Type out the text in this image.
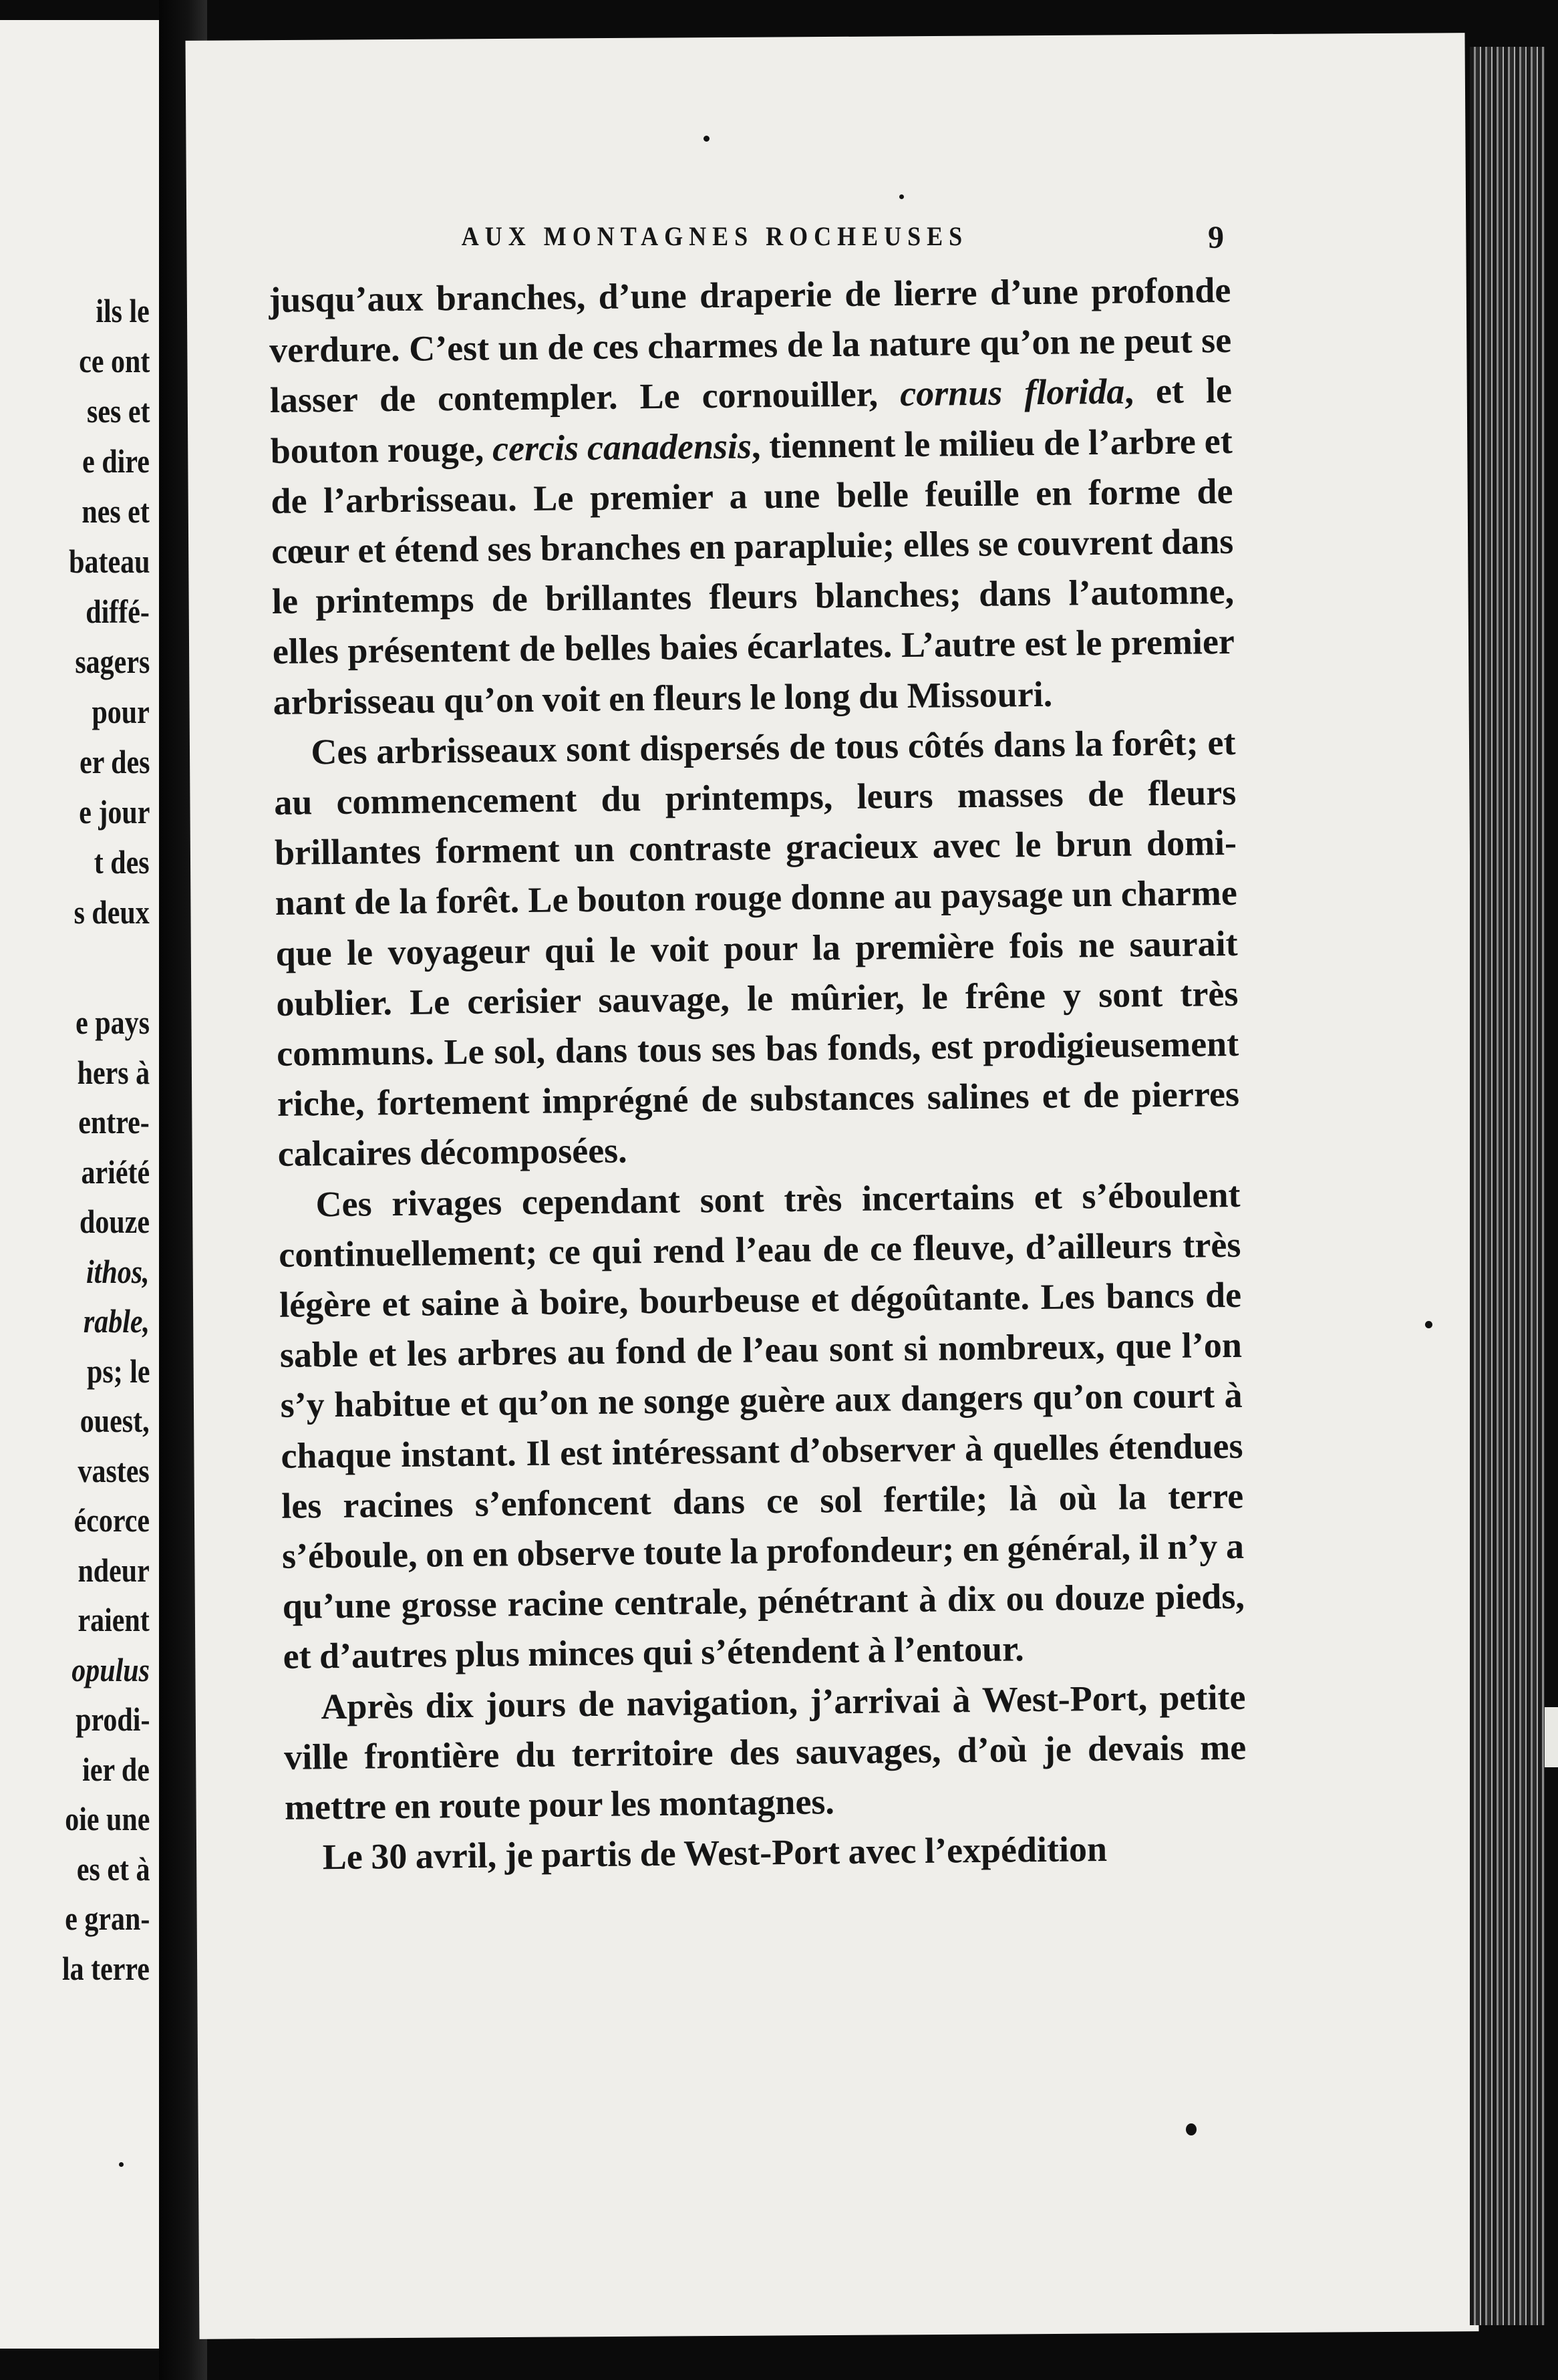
ils le
ce ont
ses et
e dire
nes et
bateau
diffé-
sagers
pour
er des
e jour
t des
s deux
e pays
hers à
entre-
ariété
douze
ithos,
rable,
ps; le
ouest,
vastes
écorce
ndeur
raient
opulus
prodi-
ier de
oie une
es et à
e gran-
la terre
AUX MONTAGNES ROCHEUSES	9

jusqu’aux branches, d’une draperie de lierre d’une profonde verdure. C’est un de ces charmes de la nature qu’on ne peut se lasser de contempler. Le cornouiller, cornus florida, et le bouton rouge, cercis canadensis, tiennent le milieu de l’arbre et de l’arbrisseau. Le premier a une belle feuille en forme de cœur et étend ses branches en parapluie; elles se couvrent dans le printemps de brillantes fleurs blanches; dans l’automne, elles présentent de belles baies écarlates. L’autre est le premier arbrisseau qu’on voit en fleurs le long du Missouri.

Ces arbrisseaux sont dispersés de tous côtés dans la forêt; et au commencement du printemps, leurs masses de fleurs brillantes forment un contraste gracieux avec le brun dominant de la forêt. Le bouton rouge donne au paysage un charme que le voyageur qui le voit pour la première fois ne saurait oublier. Le cerisier sauvage, le mûrier, le frêne y sont très communs. Le sol, dans tous ses bas fonds, est prodigieusement riche, fortement imprégné de substances salines et de pierres calcaires décomposées.

Ces rivages cependant sont très incertains et s’éboulent continuellement; ce qui rend l’eau de ce fleuve, d’ailleurs très légère et saine à boire, bourbeuse et dégoûtante. Les bancs de sable et les arbres au fond de l’eau sont si nombreux, que l’on s’y habitue et qu’on ne songe guère aux dangers qu’on court à chaque instant. Il est intéressant d’observer à quelles étendues les racines s’enfoncent dans ce sol fertile; là où la terre s’éboule, on en observe toute la profondeur; en général, il n’y a qu’une grosse racine centrale, pénétrant à dix ou douze pieds, et d’autres plus minces qui s’étendent à l’entour.

Après dix jours de navigation, j’arrivai à West-Port, petite ville frontière du territoire des sauvages, d’où je devais me mettre en route pour les montagnes.

Le 30 avril, je partis de West-Port avec l’expédition
